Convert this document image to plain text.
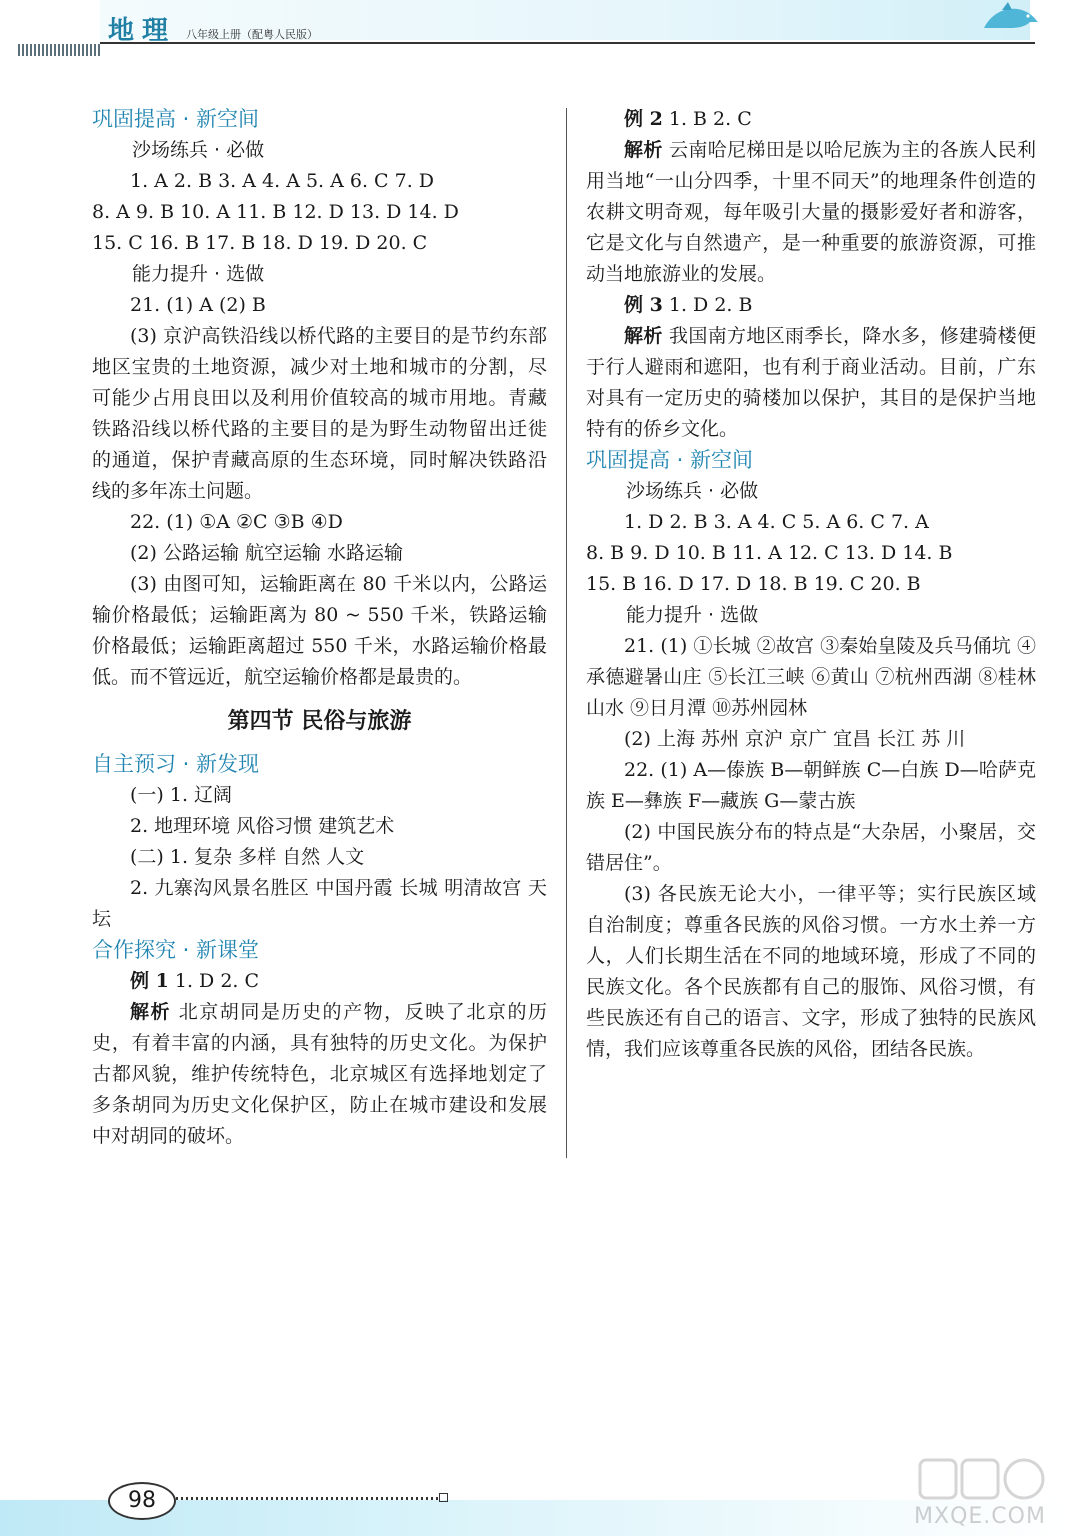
地理 八年级上册（配粤人民版）
巩固提高 · 新空间
沙场练兵 · 必做
1. A 2. B 3. A 4. A 5. A 6. C 7. D
8. A 9. B 10. A 11. B 12. D 13. D 14. D
15. C 16. B 17. B 18. D 19. D 20. C
能力提升 · 选做
21. (1) A (2) B
(3) 京沪高铁沿线以桥代路的主要目的是节约东部地区宝贵的土地资源，减少对土地和城市的分割，尽可能少占用良田以及利用价值较高的城市用地。青藏铁路沿线以桥代路的主要目的是为野生动物留出迁徙的通道，保护青藏高原的生态环境，同时解决铁路沿线的多年冻土问题。
22. (1) ①A ②C ③B ④D
(2) 公路运输 航空运输 水路运输
(3) 由图可知，运输距离在 80 千米以内，公路运输价格最低；运输距离为 80 ~ 550 千米，铁路运输价格最低；运输距离超过 550 千米，水路运输价格最低。而不管远近，航空运输价格都是最贵的。
第四节 民俗与旅游
自主预习 · 新发现
(一) 1. 辽阔
2. 地理环境 风俗习惯 建筑艺术
(二) 1. 复杂 多样 自然 人文
2. 九寨沟风景名胜区 中国丹霞 长城 明清故宫 天坛
合作探究 · 新课堂
例 1 1. D 2. C
解析 北京胡同是历史的产物，反映了北京的历史，有着丰富的内涵，具有独特的历史文化。为保护古都风貌，维护传统特色，北京城区有选择地划定了多条胡同为历史文化保护区，防止在城市建设和发展中对胡同的破坏。
例 2 1. B 2. C
解析 云南哈尼梯田是以哈尼族为主的各族人民利用当地“一山分四季，十里不同天”的地理条件创造的农耕文明奇观，每年吸引大量的摄影爱好者和游客，它是文化与自然遗产，是一种重要的旅游资源，可推动当地旅游业的发展。
例 3 1. D 2. B
解析 我国南方地区雨季长，降水多，修建骑楼便于行人避雨和遮阳，也有利于商业活动。目前，广东对具有一定历史的骑楼加以保护，其目的是保护当地特有的侨乡文化。
巩固提高 · 新空间
沙场练兵 · 必做
1. D 2. B 3. A 4. C 5. A 6. C 7. A
8. B 9. D 10. B 11. A 12. C 13. D 14. B
15. B 16. D 17. D 18. B 19. C 20. B
能力提升 · 选做
21. (1) ①长城 ②故宫 ③秦始皇陵及兵马俑坑 ④承德避暑山庄 ⑤长江三峡 ⑥黄山 ⑦杭州西湖 ⑧桂林山水 ⑨日月潭 ⑩苏州园林
(2) 上海 苏州 京沪 京广 宜昌 长江 苏 川
22. (1) A—傣族 B—朝鲜族 C—白族 D—哈萨克族 E—彝族 F—藏族 G—蒙古族
(2) 中国民族分布的特点是“大杂居，小聚居，交错居住”。
(3) 各民族无论大小，一律平等；实行民族区域自治制度；尊重各民族的风俗习惯。一方水土养一方人，人们长期生活在不同的地域环境，形成了不同的民族文化。各个民族都有自己的服饰、风俗习惯，有些民族还有自己的语言、文字，形成了独特的民族风情，我们应该尊重各民族的风俗，团结各民族。
98
MXQE.COM
